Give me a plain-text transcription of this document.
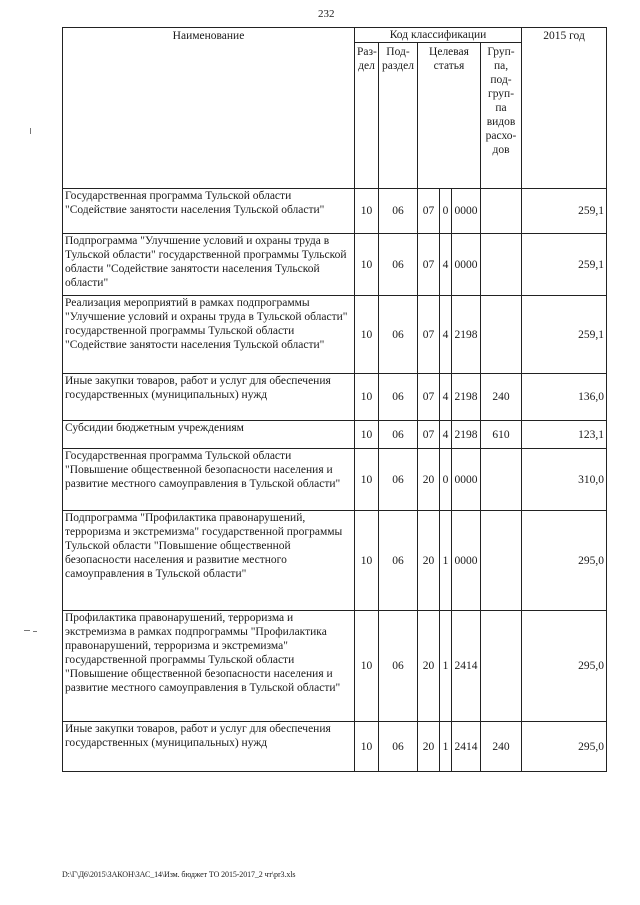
232
Наименование	Код классификации						2015 год
	Раз-дел	Под-раздел	Целевая статья			Груп-па, под-груп-па видов расхо-дов	
Государственная программа Тульской области "Содействие занятости населения Тульской области"	10	06	07	0	0000		259,1
Подпрограмма "Улучшение условий и охраны труда в Тульской области" государственной программы Тульской области "Содействие занятости населения Тульской области"	10	06	07	4	0000		259,1
Реализация мероприятий в рамках подпрограммы "Улучшение условий и охраны труда в Тульской области" государственной программы Тульской области "Содействие занятости населения Тульской области"	10	06	07	4	2198		259,1
Иные закупки товаров, работ и услуг для обеспечения государственных (муниципальных) нужд	10	06	07	4	2198	240	136,0
Субсидии бюджетным учреждениям	10	06	07	4	2198	610	123,1
Государственная программа Тульской области "Повышение общественной безопасности населения и развитие местного самоуправления в Тульской области"	10	06	20	0	0000		310,0
Подпрограмма "Профилактика правонарушений, терроризма и экстремизма" государственной программы Тульской области "Повышение общественной безопасности населения и развитие местного самоуправления в Тульской области"	10	06	20	1	0000		295,0
Профилактика правонарушений, терроризма и экстремизма в рамках подпрограммы "Профилактика правонарушений, терроризма и экстремизма" государственной программы Тульской области "Повышение общественной безопасности населения и развитие местного самоуправления в Тульской области"	10	06	20	1	2414		295,0
Иные закупки товаров, работ и услуг для обеспечения государственных (муниципальных) нужд	10	06	20	1	2414	240	295,0
D:\Г\Д6\2015\ЗАКОН\ЗАС_14\Изм. бюджет ТО 2015-2017_2 чт\pr3.xls
